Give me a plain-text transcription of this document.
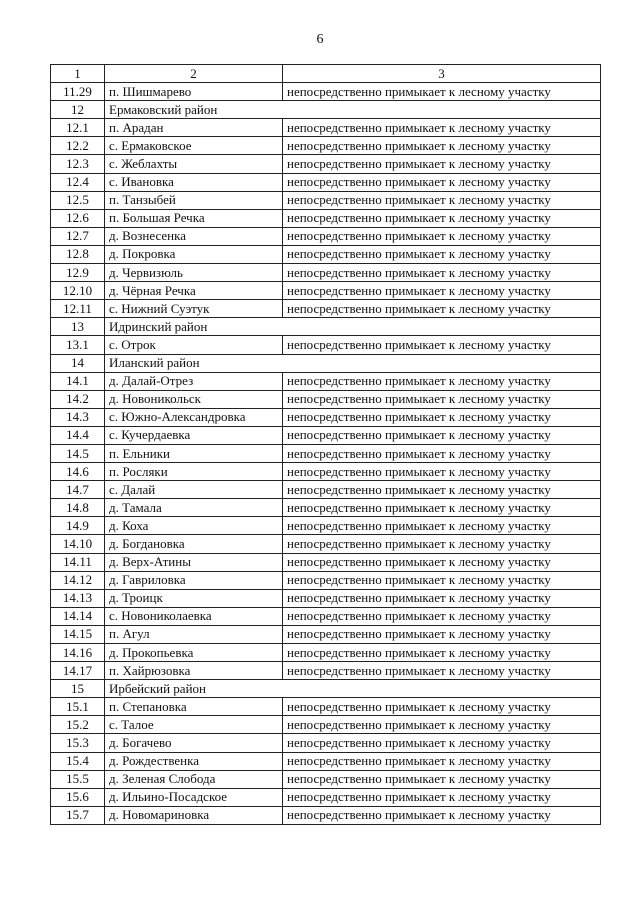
6
1	2	3
11.29	п. Шишмарево	непосредственно примыкает к лесному участку
12	Ермаковский район	
12.1	п. Арадан	непосредственно примыкает к лесному участку
12.2	с. Ермаковское	непосредственно примыкает к лесному участку
12.3	с. Жеблахты	непосредственно примыкает к лесному участку
12.4	с. Ивановка	непосредственно примыкает к лесному участку
12.5	п. Танзыбей	непосредственно примыкает к лесному участку
12.6	п. Большая Речка	непосредственно примыкает к лесному участку
12.7	д. Вознесенка	непосредственно примыкает к лесному участку
12.8	д. Покровка	непосредственно примыкает к лесному участку
12.9	д. Червизюль	непосредственно примыкает к лесному участку
12.10	д. Чёрная Речка	непосредственно примыкает к лесному участку
12.11	с. Нижний Суэтук	непосредственно примыкает к лесному участку
13	Идринский район	
13.1	с. Отрок	непосредственно примыкает к лесному участку
14	Иланский район	
14.1	д. Далай-Отрез	непосредственно примыкает к лесному участку
14.2	д. Новоникольск	непосредственно примыкает к лесному участку
14.3	с. Южно-Александровка	непосредственно примыкает к лесному участку
14.4	с. Кучердаевка	непосредственно примыкает к лесному участку
14.5	п. Ельники	непосредственно примыкает к лесному участку
14.6	п. Росляки	непосредственно примыкает к лесному участку
14.7	с. Далай	непосредственно примыкает к лесному участку
14.8	д. Тамала	непосредственно примыкает к лесному участку
14.9	д. Коха	непосредственно примыкает к лесному участку
14.10	д. Богдановка	непосредственно примыкает к лесному участку
14.11	д. Верх-Атины	непосредственно примыкает к лесному участку
14.12	д. Гавриловка	непосредственно примыкает к лесному участку
14.13	д. Троицк	непосредственно примыкает к лесному участку
14.14	с. Новониколаевка	непосредственно примыкает к лесному участку
14.15	п. Агул	непосредственно примыкает к лесному участку
14.16	д. Прокопьевка	непосредственно примыкает к лесному участку
14.17	п. Хайрюзовка	непосредственно примыкает к лесному участку
15	Ирбейский район	
15.1	п. Степановка	непосредственно примыкает к лесному участку
15.2	с. Талое	непосредственно примыкает к лесному участку
15.3	д. Богачево	непосредственно примыкает к лесному участку
15.4	д. Рождественка	непосредственно примыкает к лесному участку
15.5	д. Зеленая Слобода	непосредственно примыкает к лесному участку
15.6	д. Ильино-Посадское	непосредственно примыкает к лесному участку
15.7	д. Новомариновка	непосредственно примыкает к лесному участку
